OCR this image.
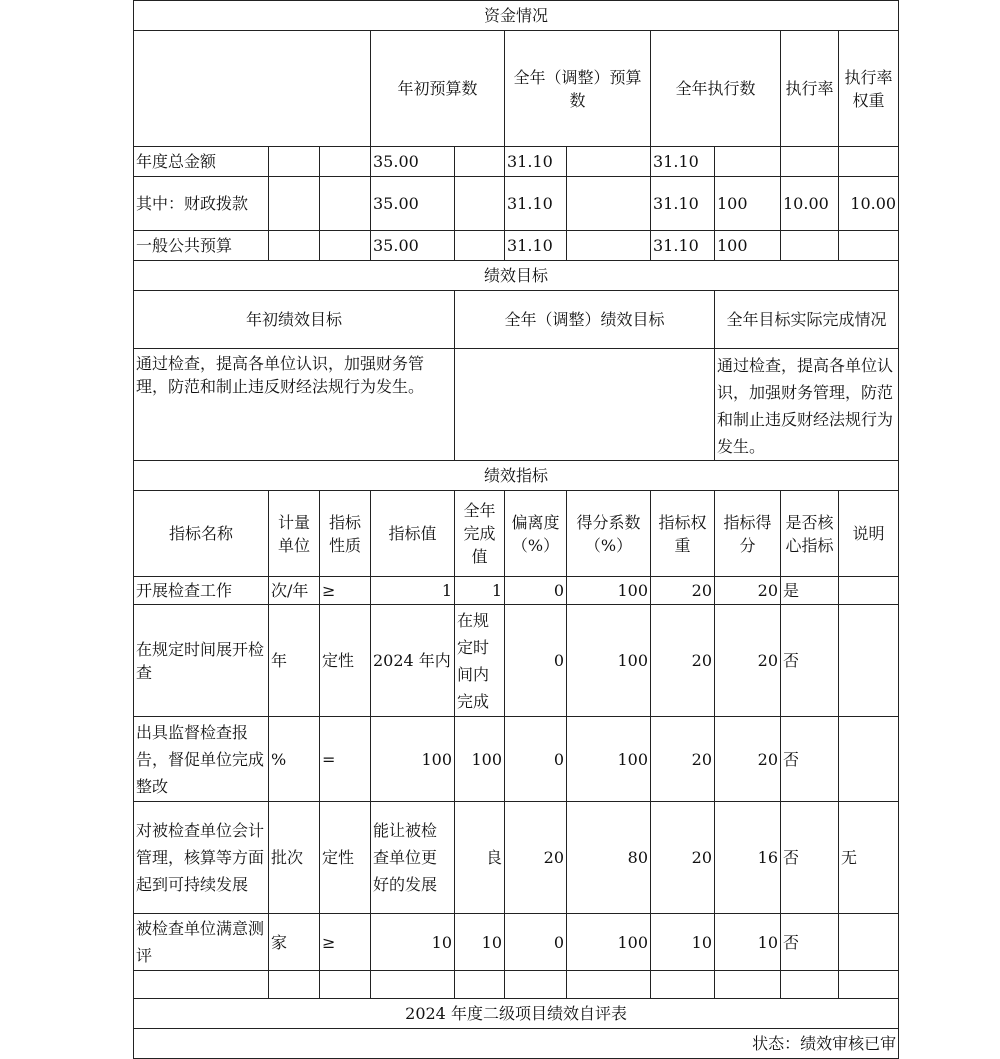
资金情况											
			年初预算数		全年（调整）预算数		全年执行数		执行率	执行率权重	
年度总金额			35.00		31.10		31.10				
其中：财政拨款			35.00		31.10		31.10	100	10.00	10.00	
一般公共预算			35.00		31.10		31.10	100			
绩效目标											
年初绩效目标				全年（调整）绩效目标				全年目标实际完成情况			
通过检查，提高各单位认识，加强财务管理，防范和制止违反财经法规行为发生。								通过检查，提高各单位认识，加强财务管理，防范和制止违反财经法规行为发生。			
绩效指标											
指标名称	计量单位	指标性质	指标值	全年完成值	偏离度（%）	得分系数（%）	指标权重	指标得分	是否核心指标	说明	
开展检查工作	次/年	≥	1	1	0	100	20	20	是		
在规定时间展开检查	年	定性	2024 年内	在规定时间内完成	0	100	20	20	否		
出具监督检查报告，督促单位完成整改	%	=	100	100	0	100	20	20	否		
对被检查单位会计管理，核算等方面起到可持续发展	批次	定性	能让被检查单位更好的发展	良	20	80	20	16	否	无	
被检查单位满意测评	家	≥	10	10	0	100	10	10	否		

2024 年度二级项目绩效自评表											
状态：绩效审核已审											
